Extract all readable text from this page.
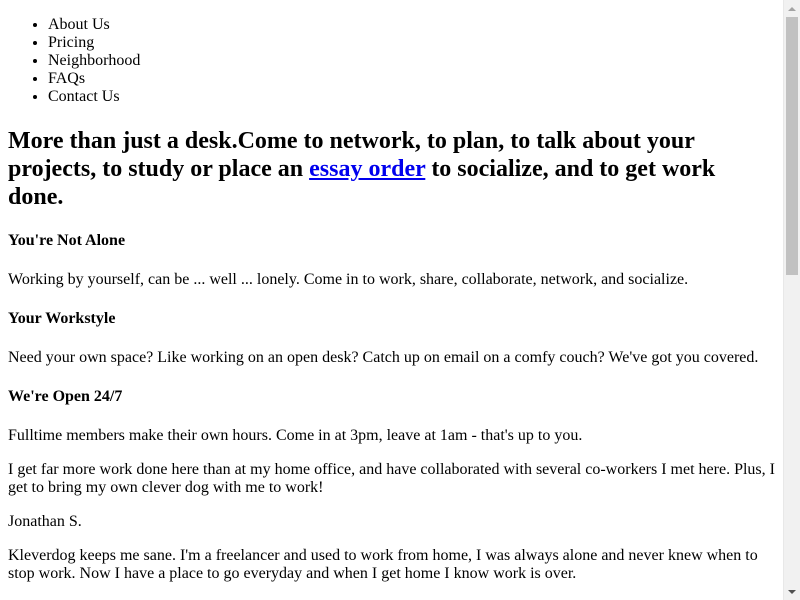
• About Us
• Pricing
• Neighborhood
• FAQs
• Contact Us
More than just a desk.Come to network, to plan, to talk about your projects, to study or place an essay order to socialize, and to get work done.
You're Not Alone

Working by yourself, can be ... well ... lonely. Come in to work, share, collaborate, network, and socialize.

Your Workstyle

Need your own space? Like working on an open desk? Catch up on email on a comfy couch? We've got you covered.

We're Open 24/7

Fulltime members make their own hours. Come in at 3pm, leave at 1am - that's up to you.

I get far more work done here than at my home office, and have collaborated with several co-workers I met here. Plus, I get to bring my own clever dog with me to work!

Jonathan S.

Kleverdog keeps me sane. I'm a freelancer and used to work from home, I was always alone and never knew when to stop work. Now I have a place to go everyday and when I get home I know work is over.
